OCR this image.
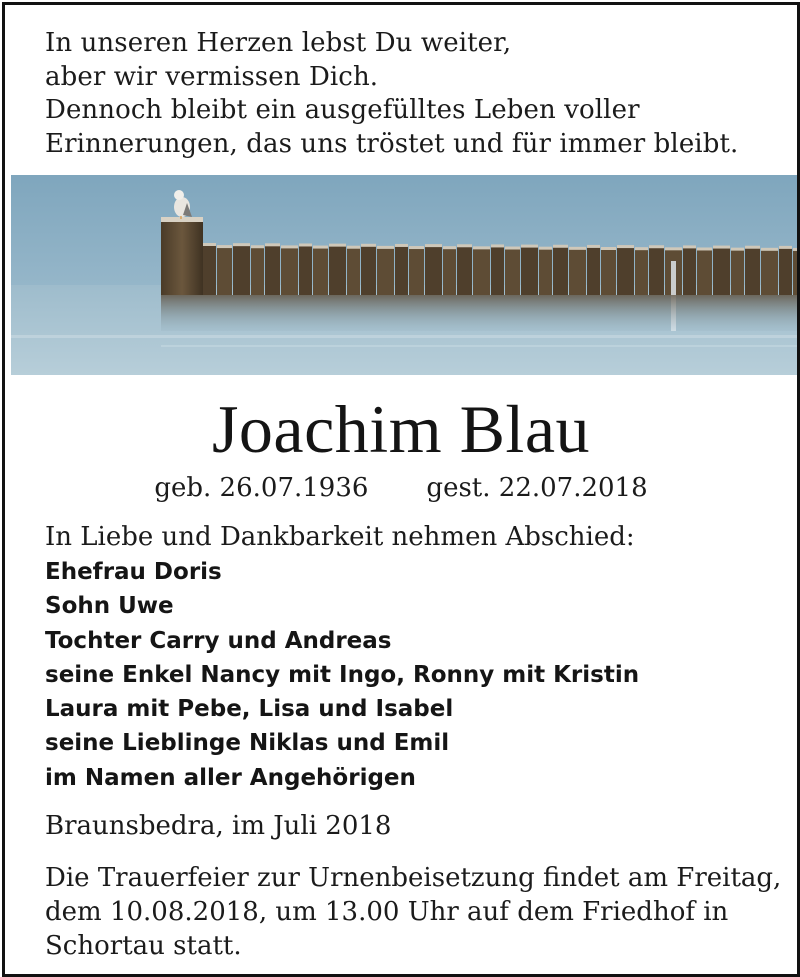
In unseren Herzen lebst Du weiter,
aber wir vermissen Dich.
Dennoch bleibt ein ausgefülltes Leben voller
Erinnerungen, das uns tröstet und für immer bleibt.
Joachim Blau
geb. 26.07.1936 gest. 22.07.2018
In Liebe und Dankbarkeit nehmen Abschied:
Ehefrau Doris
Sohn Uwe
Tochter Carry und Andreas
seine Enkel Nancy mit Ingo, Ronny mit Kristin
Laura mit Pebe, Lisa und Isabel
seine Lieblinge Niklas und Emil
im Namen aller Angehörigen
Braunsbedra, im Juli 2018
Die Trauerfeier zur Urnenbeisetzung findet am Freitag,
dem 10.08.2018, um 13.00 Uhr auf dem Friedhof in
Schortau statt.
